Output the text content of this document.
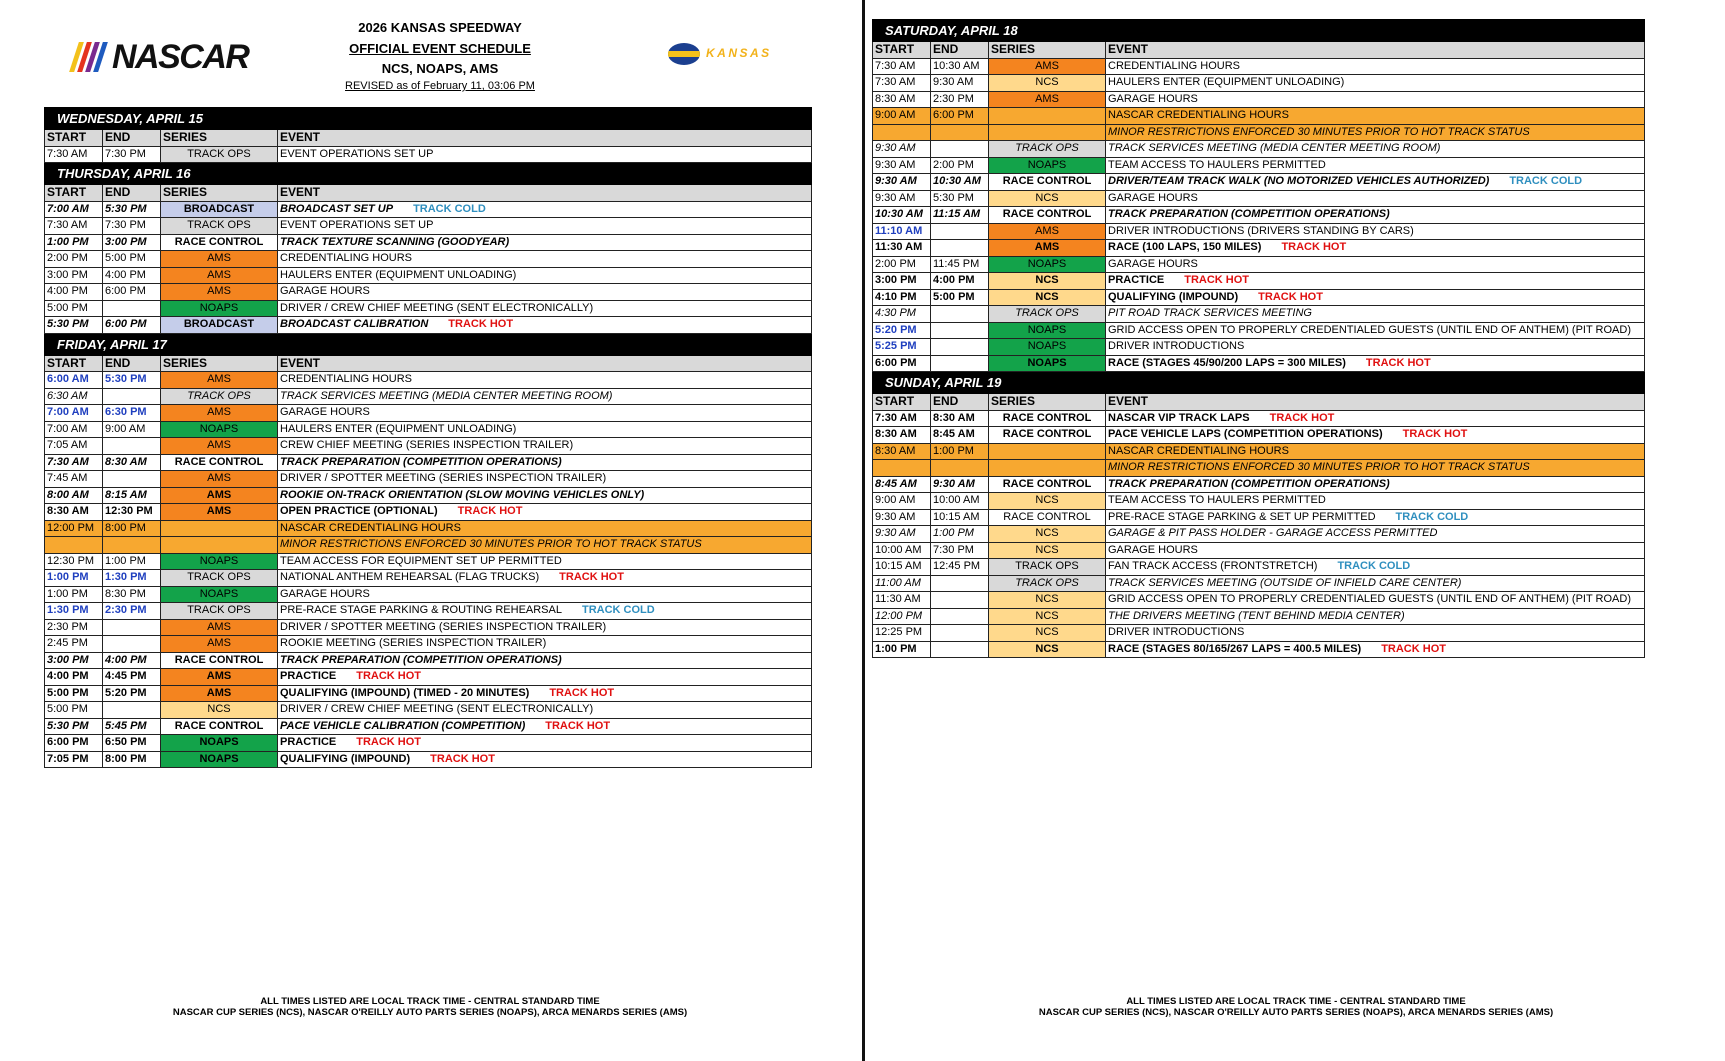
NASCAR
2026 KANSAS SPEEDWAY
OFFICIAL EVENT SCHEDULE
NCS, NOAPS, AMS
REVISED as of February 11, 03:06 PM
KANSAS
WEDNESDAY, APRIL 15			
START	END	SERIES	EVENT
7:30 AM	7:30 PM	TRACK OPS	EVENT OPERATIONS SET UP
THURSDAY, APRIL 16			
START	END	SERIES	EVENT
7:00 AM	5:30 PM	BROADCAST	BROADCAST SET UP TRACK COLD
7:30 AM	7:30 PM	TRACK OPS	EVENT OPERATIONS SET UP
1:00 PM	3:00 PM	RACE CONTROL	TRACK TEXTURE SCANNING (GOODYEAR)
2:00 PM	5:00 PM	AMS	CREDENTIALING HOURS
3:00 PM	4:00 PM	AMS	HAULERS ENTER (EQUIPMENT UNLOADING)
4:00 PM	6:00 PM	AMS	GARAGE HOURS
5:00 PM		NOAPS	DRIVER / CREW CHIEF MEETING (SENT ELECTRONICALLY)
5:30 PM	6:00 PM	BROADCAST	BROADCAST CALIBRATION TRACK HOT
FRIDAY, APRIL 17			
START	END	SERIES	EVENT
6:00 AM	5:30 PM	AMS	CREDENTIALING HOURS
6:30 AM		TRACK OPS	TRACK SERVICES MEETING (MEDIA CENTER MEETING ROOM)
7:00 AM	6:30 PM	AMS	GARAGE HOURS
7:00 AM	9:00 AM	NOAPS	HAULERS ENTER (EQUIPMENT UNLOADING)
7:05 AM		AMS	CREW CHIEF MEETING (SERIES INSPECTION TRAILER)
7:30 AM	8:30 AM	RACE CONTROL	TRACK PREPARATION (COMPETITION OPERATIONS)
7:45 AM		AMS	DRIVER / SPOTTER MEETING (SERIES INSPECTION TRAILER)
8:00 AM	8:15 AM	AMS	ROOKIE ON-TRACK ORIENTATION (SLOW MOVING VEHICLES ONLY)
8:30 AM	12:30 PM	AMS	OPEN PRACTICE (OPTIONAL) TRACK HOT
12:00 PM	8:00 PM		NASCAR CREDENTIALING HOURS
			MINOR RESTRICTIONS ENFORCED 30 MINUTES PRIOR TO HOT TRACK STATUS
12:30 PM	1:00 PM	NOAPS	TEAM ACCESS FOR EQUIPMENT SET UP PERMITTED
1:00 PM	1:30 PM	TRACK OPS	NATIONAL ANTHEM REHEARSAL (FLAG TRUCKS) TRACK HOT
1:00 PM	8:30 PM	NOAPS	GARAGE HOURS
1:30 PM	2:30 PM	TRACK OPS	PRE-RACE STAGE PARKING & ROUTING REHEARSAL TRACK COLD
2:30 PM		AMS	DRIVER / SPOTTER MEETING (SERIES INSPECTION TRAILER)
2:45 PM		AMS	ROOKIE MEETING (SERIES INSPECTION TRAILER)
3:00 PM	4:00 PM	RACE CONTROL	TRACK PREPARATION (COMPETITION OPERATIONS)
4:00 PM	4:45 PM	AMS	PRACTICE TRACK HOT
5:00 PM	5:20 PM	AMS	QUALIFYING (IMPOUND) (TIMED - 20 MINUTES) TRACK HOT
5:00 PM		NCS	DRIVER / CREW CHIEF MEETING (SENT ELECTRONICALLY)
5:30 PM	5:45 PM	RACE CONTROL	PACE VEHICLE CALIBRATION (COMPETITION) TRACK HOT
6:00 PM	6:50 PM	NOAPS	PRACTICE TRACK HOT
7:05 PM	8:00 PM	NOAPS	QUALIFYING (IMPOUND) TRACK HOT
ALL TIMES LISTED ARE LOCAL TRACK TIME - CENTRAL STANDARD TIME
NASCAR CUP SERIES (NCS), NASCAR O'REILLY AUTO PARTS SERIES (NOAPS), ARCA MENARDS SERIES (AMS)
SATURDAY, APRIL 18			
START	END	SERIES	EVENT
7:30 AM	10:30 AM	AMS	CREDENTIALING HOURS
7:30 AM	9:30 AM	NCS	HAULERS ENTER (EQUIPMENT UNLOADING)
8:30 AM	2:30 PM	AMS	GARAGE HOURS
9:00 AM	6:00 PM		NASCAR CREDENTIALING HOURS
			MINOR RESTRICTIONS ENFORCED 30 MINUTES PRIOR TO HOT TRACK STATUS
9:30 AM		TRACK OPS	TRACK SERVICES MEETING (MEDIA CENTER MEETING ROOM)
9:30 AM	2:00 PM	NOAPS	TEAM ACCESS TO HAULERS PERMITTED
9:30 AM	10:30 AM	RACE CONTROL	DRIVER/TEAM TRACK WALK (NO MOTORIZED VEHICLES AUTHORIZED) TRACK COLD
9:30 AM	5:30 PM	NCS	GARAGE HOURS
10:30 AM	11:15 AM	RACE CONTROL	TRACK PREPARATION (COMPETITION OPERATIONS)
11:10 AM		AMS	DRIVER INTRODUCTIONS (DRIVERS STANDING BY CARS)
11:30 AM		AMS	RACE (100 LAPS, 150 MILES) TRACK HOT
2:00 PM	11:45 PM	NOAPS	GARAGE HOURS
3:00 PM	4:00 PM	NCS	PRACTICE TRACK HOT
4:10 PM	5:00 PM	NCS	QUALIFYING (IMPOUND) TRACK HOT
4:30 PM		TRACK OPS	PIT ROAD TRACK SERVICES MEETING
5:20 PM		NOAPS	GRID ACCESS OPEN TO PROPERLY CREDENTIALED GUESTS (UNTIL END OF ANTHEM) (PIT ROAD)
5:25 PM		NOAPS	DRIVER INTRODUCTIONS
6:00 PM		NOAPS	RACE (STAGES 45/90/200 LAPS = 300 MILES) TRACK HOT
SUNDAY, APRIL 19			
START	END	SERIES	EVENT
7:30 AM	8:30 AM	RACE CONTROL	NASCAR VIP TRACK LAPS TRACK HOT
8:30 AM	8:45 AM	RACE CONTROL	PACE VEHICLE LAPS (COMPETITION OPERATIONS) TRACK HOT
8:30 AM	1:00 PM		NASCAR CREDENTIALING HOURS
			MINOR RESTRICTIONS ENFORCED 30 MINUTES PRIOR TO HOT TRACK STATUS
8:45 AM	9:30 AM	RACE CONTROL	TRACK PREPARATION (COMPETITION OPERATIONS)
9:00 AM	10:00 AM	NCS	TEAM ACCESS TO HAULERS PERMITTED
9:30 AM	10:15 AM	RACE CONTROL	PRE-RACE STAGE PARKING & SET UP PERMITTED TRACK COLD
9:30 AM	1:00 PM	NCS	GARAGE & PIT PASS HOLDER - GARAGE ACCESS PERMITTED
10:00 AM	7:30 PM	NCS	GARAGE HOURS
10:15 AM	12:45 PM	TRACK OPS	FAN TRACK ACCESS (FRONTSTRETCH) TRACK COLD
11:00 AM		TRACK OPS	TRACK SERVICES MEETING (OUTSIDE OF INFIELD CARE CENTER)
11:30 AM		NCS	GRID ACCESS OPEN TO PROPERLY CREDENTIALED GUESTS (UNTIL END OF ANTHEM) (PIT ROAD)
12:00 PM		NCS	THE DRIVERS MEETING (TENT BEHIND MEDIA CENTER)
12:25 PM		NCS	DRIVER INTRODUCTIONS
1:00 PM		NCS	RACE (STAGES 80/165/267 LAPS = 400.5 MILES) TRACK HOT
ALL TIMES LISTED ARE LOCAL TRACK TIME - CENTRAL STANDARD TIME
NASCAR CUP SERIES (NCS), NASCAR O'REILLY AUTO PARTS SERIES (NOAPS), ARCA MENARDS SERIES (AMS)
